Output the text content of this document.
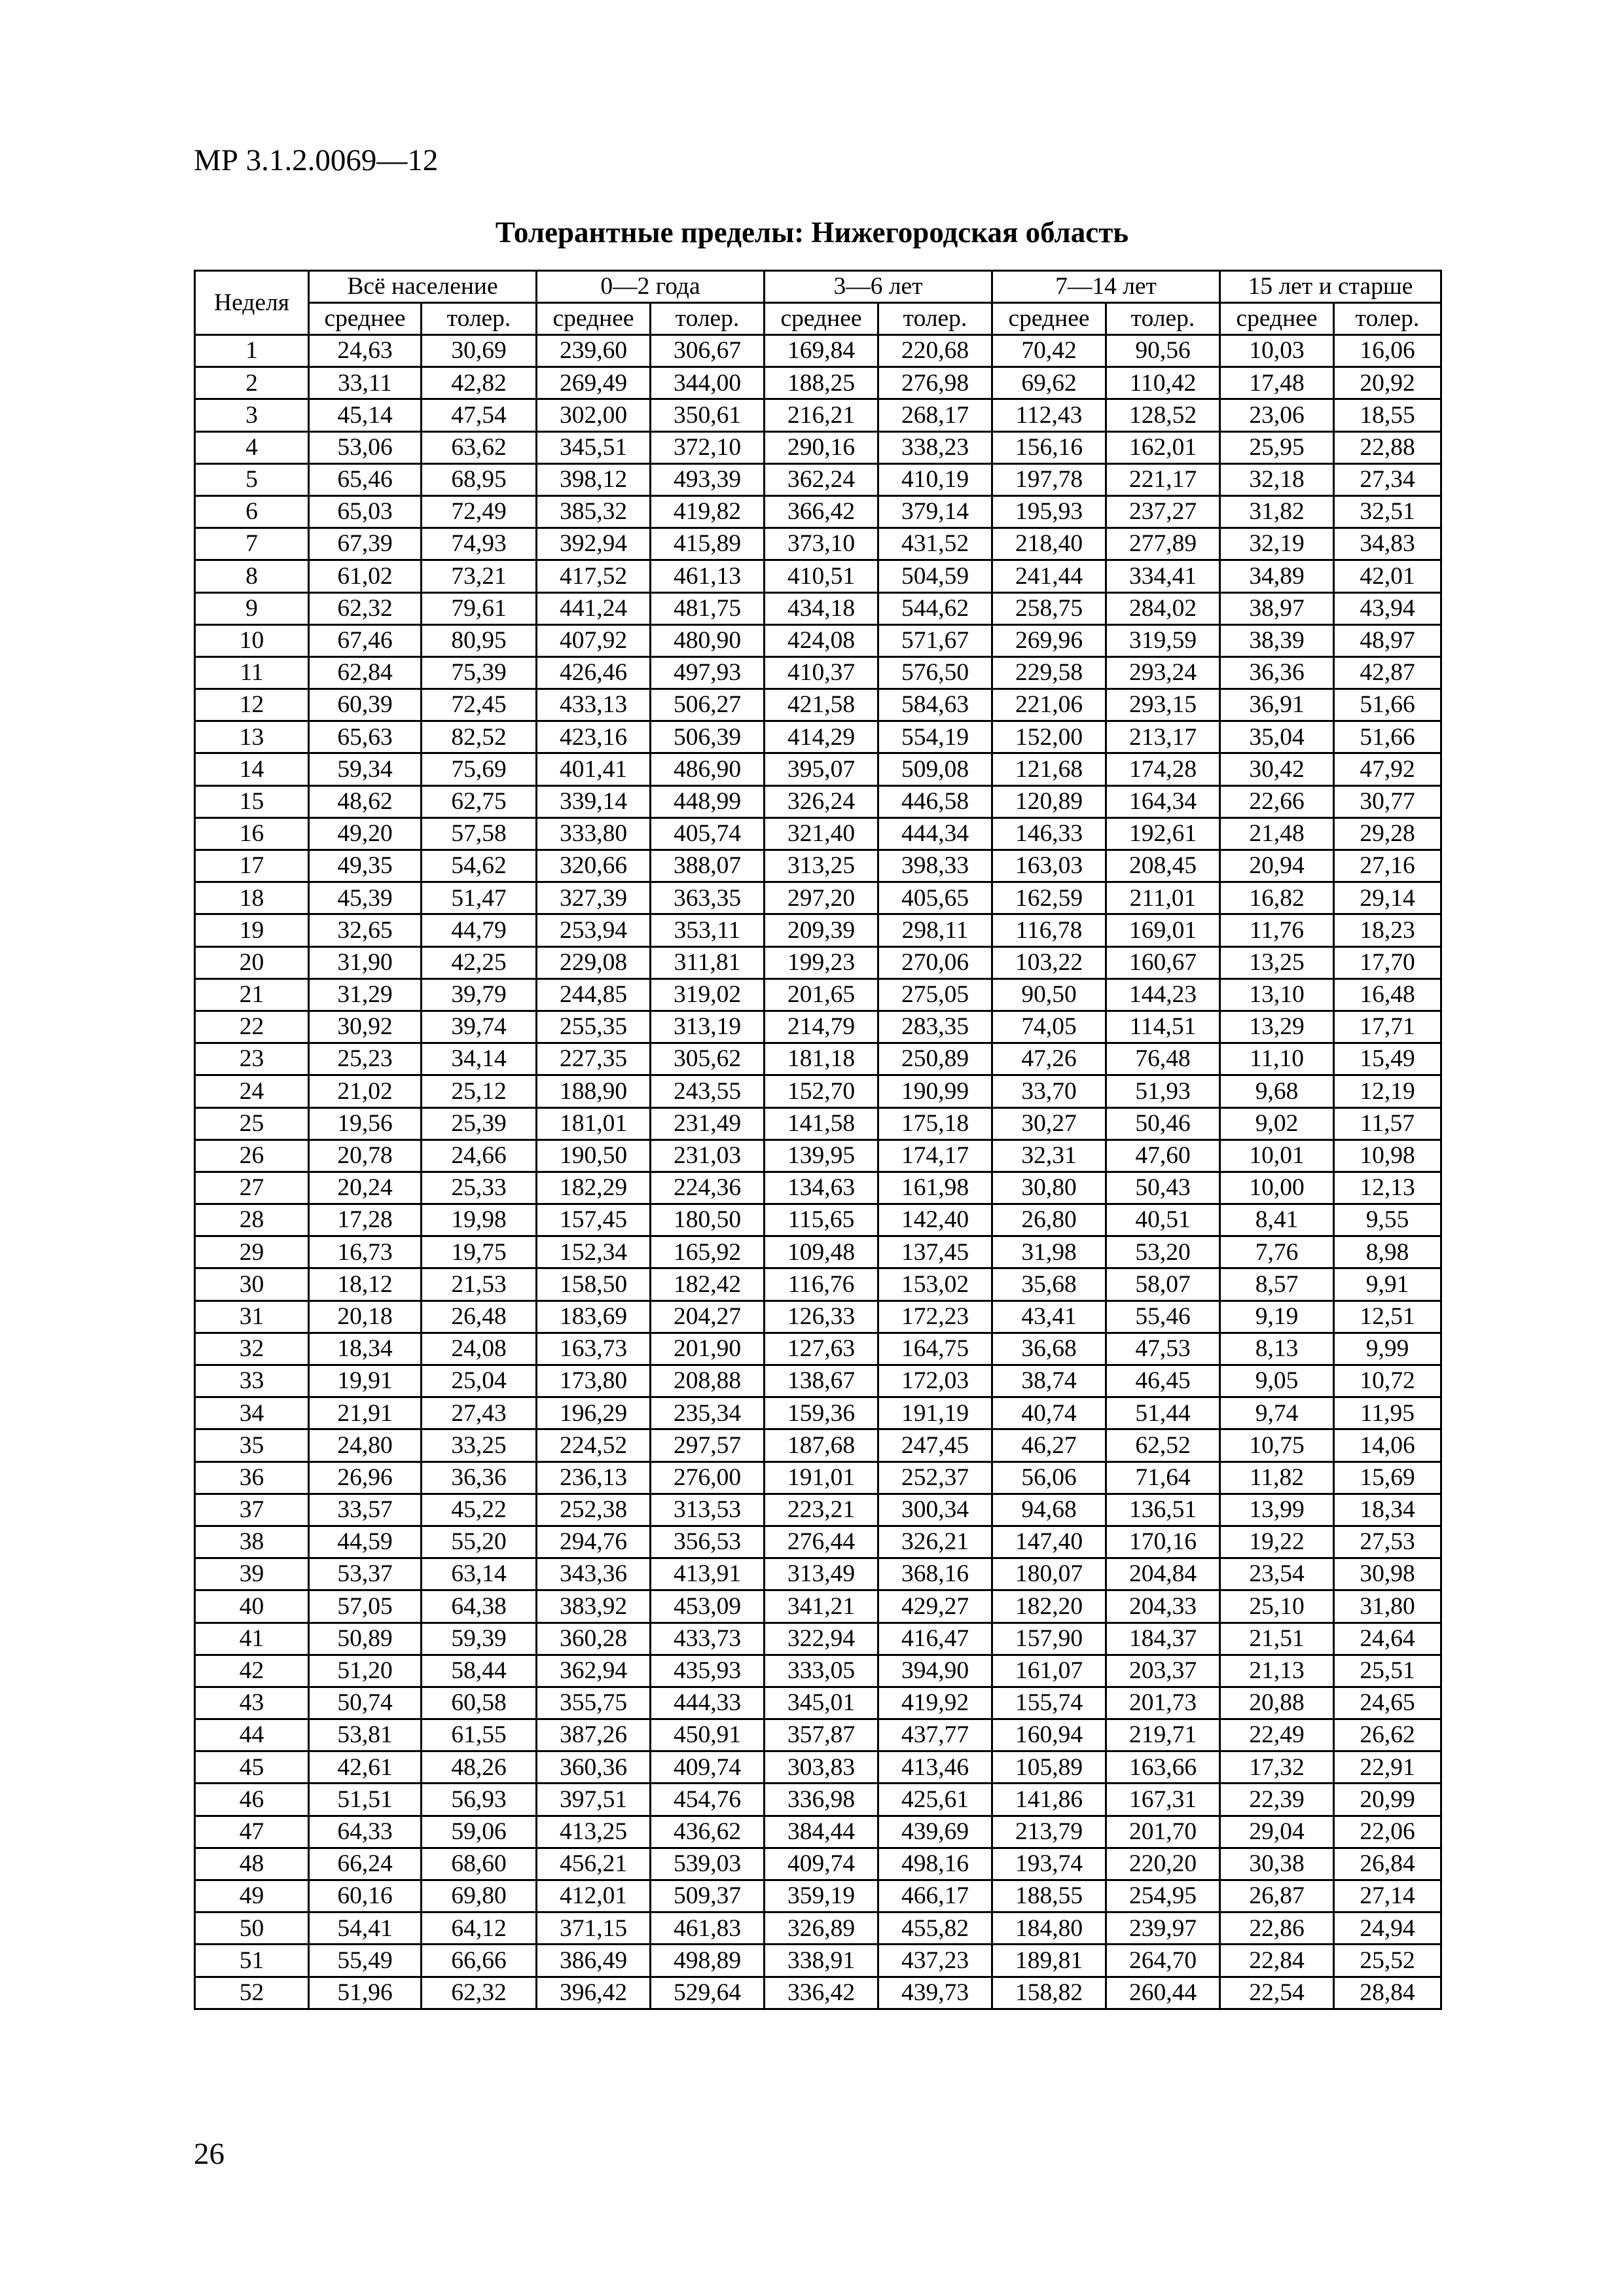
МР 3.1.2.0069—12
Толерантные пределы: Нижегородская область
Неделя	Всё население		0—2 года		3—6 лет		7—14 лет		15 лет и старше	
	среднее	толер.	среднее	толер.	среднее	толер.	среднее	толер.	среднее	толер.
1	24,63	30,69	239,60	306,67	169,84	220,68	70,42	90,56	10,03	16,06
2	33,11	42,82	269,49	344,00	188,25	276,98	69,62	110,42	17,48	20,92
3	45,14	47,54	302,00	350,61	216,21	268,17	112,43	128,52	23,06	18,55
4	53,06	63,62	345,51	372,10	290,16	338,23	156,16	162,01	25,95	22,88
5	65,46	68,95	398,12	493,39	362,24	410,19	197,78	221,17	32,18	27,34
6	65,03	72,49	385,32	419,82	366,42	379,14	195,93	237,27	31,82	32,51
7	67,39	74,93	392,94	415,89	373,10	431,52	218,40	277,89	32,19	34,83
8	61,02	73,21	417,52	461,13	410,51	504,59	241,44	334,41	34,89	42,01
9	62,32	79,61	441,24	481,75	434,18	544,62	258,75	284,02	38,97	43,94
10	67,46	80,95	407,92	480,90	424,08	571,67	269,96	319,59	38,39	48,97
11	62,84	75,39	426,46	497,93	410,37	576,50	229,58	293,24	36,36	42,87
12	60,39	72,45	433,13	506,27	421,58	584,63	221,06	293,15	36,91	51,66
13	65,63	82,52	423,16	506,39	414,29	554,19	152,00	213,17	35,04	51,66
14	59,34	75,69	401,41	486,90	395,07	509,08	121,68	174,28	30,42	47,92
15	48,62	62,75	339,14	448,99	326,24	446,58	120,89	164,34	22,66	30,77
16	49,20	57,58	333,80	405,74	321,40	444,34	146,33	192,61	21,48	29,28
17	49,35	54,62	320,66	388,07	313,25	398,33	163,03	208,45	20,94	27,16
18	45,39	51,47	327,39	363,35	297,20	405,65	162,59	211,01	16,82	29,14
19	32,65	44,79	253,94	353,11	209,39	298,11	116,78	169,01	11,76	18,23
20	31,90	42,25	229,08	311,81	199,23	270,06	103,22	160,67	13,25	17,70
21	31,29	39,79	244,85	319,02	201,65	275,05	90,50	144,23	13,10	16,48
22	30,92	39,74	255,35	313,19	214,79	283,35	74,05	114,51	13,29	17,71
23	25,23	34,14	227,35	305,62	181,18	250,89	47,26	76,48	11,10	15,49
24	21,02	25,12	188,90	243,55	152,70	190,99	33,70	51,93	9,68	12,19
25	19,56	25,39	181,01	231,49	141,58	175,18	30,27	50,46	9,02	11,57
26	20,78	24,66	190,50	231,03	139,95	174,17	32,31	47,60	10,01	10,98
27	20,24	25,33	182,29	224,36	134,63	161,98	30,80	50,43	10,00	12,13
28	17,28	19,98	157,45	180,50	115,65	142,40	26,80	40,51	8,41	9,55
29	16,73	19,75	152,34	165,92	109,48	137,45	31,98	53,20	7,76	8,98
30	18,12	21,53	158,50	182,42	116,76	153,02	35,68	58,07	8,57	9,91
31	20,18	26,48	183,69	204,27	126,33	172,23	43,41	55,46	9,19	12,51
32	18,34	24,08	163,73	201,90	127,63	164,75	36,68	47,53	8,13	9,99
33	19,91	25,04	173,80	208,88	138,67	172,03	38,74	46,45	9,05	10,72
34	21,91	27,43	196,29	235,34	159,36	191,19	40,74	51,44	9,74	11,95
35	24,80	33,25	224,52	297,57	187,68	247,45	46,27	62,52	10,75	14,06
36	26,96	36,36	236,13	276,00	191,01	252,37	56,06	71,64	11,82	15,69
37	33,57	45,22	252,38	313,53	223,21	300,34	94,68	136,51	13,99	18,34
38	44,59	55,20	294,76	356,53	276,44	326,21	147,40	170,16	19,22	27,53
39	53,37	63,14	343,36	413,91	313,49	368,16	180,07	204,84	23,54	30,98
40	57,05	64,38	383,92	453,09	341,21	429,27	182,20	204,33	25,10	31,80
41	50,89	59,39	360,28	433,73	322,94	416,47	157,90	184,37	21,51	24,64
42	51,20	58,44	362,94	435,93	333,05	394,90	161,07	203,37	21,13	25,51
43	50,74	60,58	355,75	444,33	345,01	419,92	155,74	201,73	20,88	24,65
44	53,81	61,55	387,26	450,91	357,87	437,77	160,94	219,71	22,49	26,62
45	42,61	48,26	360,36	409,74	303,83	413,46	105,89	163,66	17,32	22,91
46	51,51	56,93	397,51	454,76	336,98	425,61	141,86	167,31	22,39	20,99
47	64,33	59,06	413,25	436,62	384,44	439,69	213,79	201,70	29,04	22,06
48	66,24	68,60	456,21	539,03	409,74	498,16	193,74	220,20	30,38	26,84
49	60,16	69,80	412,01	509,37	359,19	466,17	188,55	254,95	26,87	27,14
50	54,41	64,12	371,15	461,83	326,89	455,82	184,80	239,97	22,86	24,94
51	55,49	66,66	386,49	498,89	338,91	437,23	189,81	264,70	22,84	25,52
52	51,96	62,32	396,42	529,64	336,42	439,73	158,82	260,44	22,54	28,84
26
